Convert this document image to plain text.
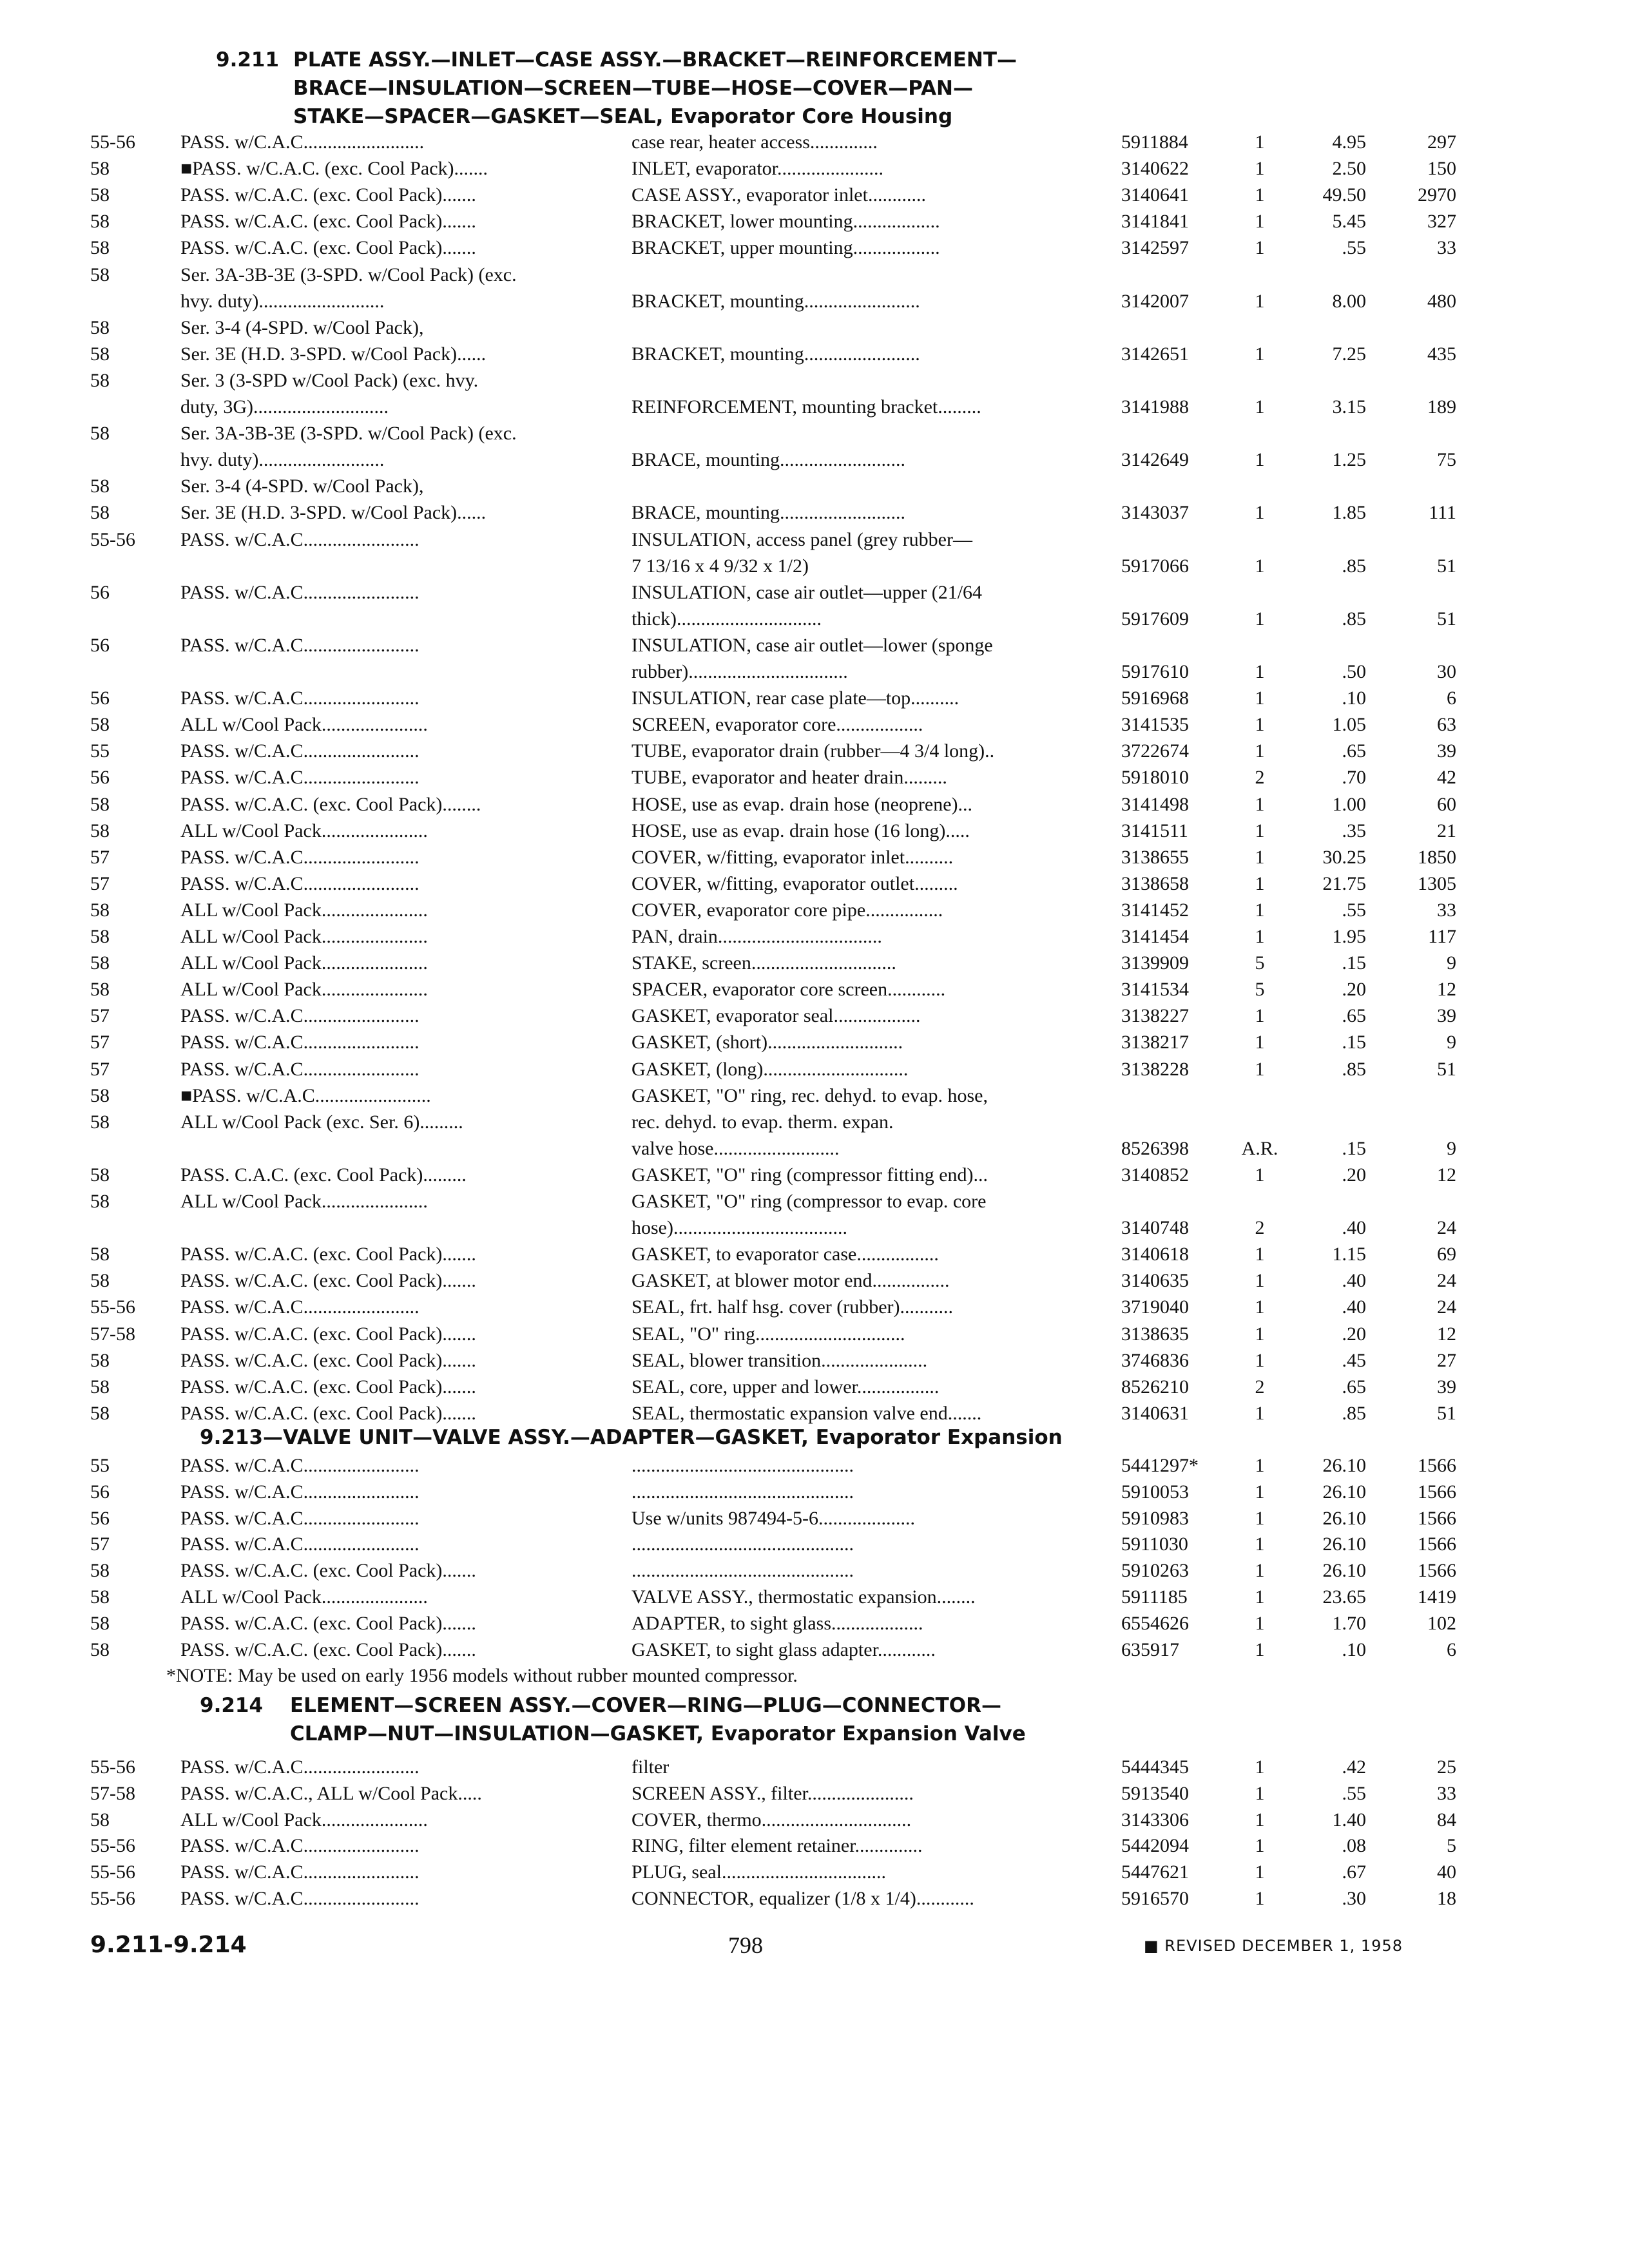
9.211 PLATE ASSY.—INLET—CASE ASSY.—BRACKET—REINFORCEMENT—
BRACE—INSULATION—SCREEN—TUBE—HOSE—COVER—PAN—
STAKE—SPACER—GASKET—SEAL, Evaporator Core Housing
55-56 PASS. w/C.A.C.........................	case rear, heater access..............	5911884	1	4.95	297
58	■PASS. w/C.A.C. (exc. Cool Pack).......	INLET, evaporator......................	3140622	1	2.50	150
58	PASS. w/C.A.C. (exc. Cool Pack).......	CASE ASSY., evaporator inlet............	3140641	1	49.50	2970
58	PASS. w/C.A.C. (exc. Cool Pack).......	BRACKET, lower mounting..................	3141841	1	5.45	327
58	PASS. w/C.A.C. (exc. Cool Pack).......	BRACKET, upper mounting..................	3142597	1	.55	33
58	Ser. 3A-3B-3E (3-SPD. w/Cool Pack) (exc.
hvy. duty)..........................	BRACKET, mounting........................	3142007	1	8.00	480
58	Ser. 3-4 (4-SPD. w/Cool Pack),
58	Ser. 3E (H.D. 3-SPD. w/Cool Pack)......	BRACKET, mounting........................	3142651	1	7.25	435
58	Ser. 3 (3-SPD w/Cool Pack) (exc. hvy.
duty, 3G)............................	REINFORCEMENT, mounting bracket.........	3141988	1	3.15	189
58	Ser. 3A-3B-3E (3-SPD. w/Cool Pack) (exc.
hvy. duty)..........................	BRACE, mounting..........................	3142649	1	1.25	75
58	Ser. 3-4 (4-SPD. w/Cool Pack),
58	Ser. 3E (H.D. 3-SPD. w/Cool Pack)......	BRACE, mounting..........................	3143037	1	1.85	111
55-56 PASS. w/C.A.C........................	INSULATION, access panel (grey rubber—
7 13/16 x 4 9/32 x 1/2)	5917066	1	.85	51
56	PASS. w/C.A.C........................	INSULATION, case air outlet—upper (21/64
thick)..............................	5917609	1	.85	51
56	PASS. w/C.A.C........................	INSULATION, case air outlet—lower (sponge
rubber).................................	5917610	1	.50	30
56	PASS. w/C.A.C........................	INSULATION, rear case plate—top..........	5916968	1	.10	6
58	ALL w/Cool Pack......................	SCREEN, evaporator core..................	3141535	1	1.05	63
55	PASS. w/C.A.C........................	TUBE, evaporator drain (rubber—4 3/4 long)..	3722674	1	.65	39
56	PASS. w/C.A.C........................	TUBE, evaporator and heater drain.........	5918010	2	.70	42
58	PASS. w/C.A.C. (exc. Cool Pack)........	HOSE, use as evap. drain hose (neoprene)...	3141498	1	1.00	60
58	ALL w/Cool Pack......................	HOSE, use as evap. drain hose (16 long).....	3141511	1	.35	21
57	PASS. w/C.A.C........................	COVER, w/fitting, evaporator inlet..........	3138655	1	30.25	1850
57	PASS. w/C.A.C........................	COVER, w/fitting, evaporator outlet.........	3138658	1	21.75	1305
58	ALL w/Cool Pack......................	COVER, evaporator core pipe................	3141452	1	.55	33
58	ALL w/Cool Pack......................	PAN, drain..................................	3141454	1	1.95	117
58	ALL w/Cool Pack......................	STAKE, screen..............................	3139909	5	.15	9
58	ALL w/Cool Pack......................	SPACER, evaporator core screen............	3141534	5	.20	12
57	PASS. w/C.A.C........................	GASKET, evaporator seal..................	3138227	1	.65	39
57	PASS. w/C.A.C........................	GASKET, (short)............................	3138217	1	.15	9
57	PASS. w/C.A.C........................	GASKET, (long)..............................	3138228	1	.85	51
58	■PASS. w/C.A.C........................	GASKET, "O" ring, rec. dehyd. to evap. hose,
58	ALL w/Cool Pack (exc. Ser. 6).........	rec. dehyd. to evap. therm. expan.
valve hose..........................	8526398	A.R.	.15	9
58	PASS. C.A.C. (exc. Cool Pack).........	GASKET, "O" ring (compressor fitting end)...	3140852	1	.20	12
58	ALL w/Cool Pack......................	GASKET, "O" ring (compressor to evap. core
hose)....................................	3140748	2	.40	24
58	PASS. w/C.A.C. (exc. Cool Pack).......	GASKET, to evaporator case.................	3140618	1	1.15	69
58	PASS. w/C.A.C. (exc. Cool Pack).......	GASKET, at blower motor end................	3140635	1	.40	24
55-56 PASS. w/C.A.C........................	SEAL, frt. half hsg. cover (rubber)...........	3719040	1	.40	24
57-58 PASS. w/C.A.C. (exc. Cool Pack).......	SEAL, "O" ring...............................	3138635	1	.20	12
58	PASS. w/C.A.C. (exc. Cool Pack).......	SEAL, blower transition......................	3746836	1	.45	27
58	PASS. w/C.A.C. (exc. Cool Pack).......	SEAL, core, upper and lower.................	8526210	2	.65	39
58	PASS. w/C.A.C. (exc. Cool Pack).......	SEAL, thermostatic expansion valve end.......	3140631	1	.85	51
9.213—VALVE UNIT—VALVE ASSY.—ADAPTER—GASKET, Evaporator Expansion
55	PASS. w/C.A.C........................	..............................................	5441297*	1	26.10	1566
56	PASS. w/C.A.C........................	..............................................	5910053	1	26.10	1566
56	PASS. w/C.A.C........................	Use w/units 987494-5-6....................	5910983	1	26.10	1566
57	PASS. w/C.A.C........................	..............................................	5911030	1	26.10	1566
58	PASS. w/C.A.C. (exc. Cool Pack).......	..............................................	5910263	1	26.10	1566
58	ALL w/Cool Pack......................	VALVE ASSY., thermostatic expansion........	5911185	1	23.65	1419
58	PASS. w/C.A.C. (exc. Cool Pack).......	ADAPTER, to sight glass...................	6554626	1	1.70	102
58	PASS. w/C.A.C. (exc. Cool Pack).......	GASKET, to sight glass adapter............	635917	1	.10	6
*NOTE: May be used on early 1956 models without rubber mounted compressor.
9.214 ELEMENT—SCREEN ASSY.—COVER—RING—PLUG—CONNECTOR—
CLAMP—NUT—INSULATION—GASKET, Evaporator Expansion Valve
55-56 PASS. w/C.A.C........................	filter	5444345	1	.42	25
57-58 PASS. w/C.A.C., ALL w/Cool Pack.....	SCREEN ASSY., filter......................	5913540	1	.55	33
58	ALL w/Cool Pack......................	COVER, thermo...............................	3143306	1	1.40	84
55-56 PASS. w/C.A.C........................	RING, filter element retainer..............	5442094	1	.08	5
55-56 PASS. w/C.A.C........................	PLUG, seal..................................	5447621	1	.67	40
55-56 PASS. w/C.A.C........................	CONNECTOR, equalizer (1/8 x 1/4)............	5916570	1	.30	18
9.211-9.214	798	■ REVISED DECEMBER 1, 1958
